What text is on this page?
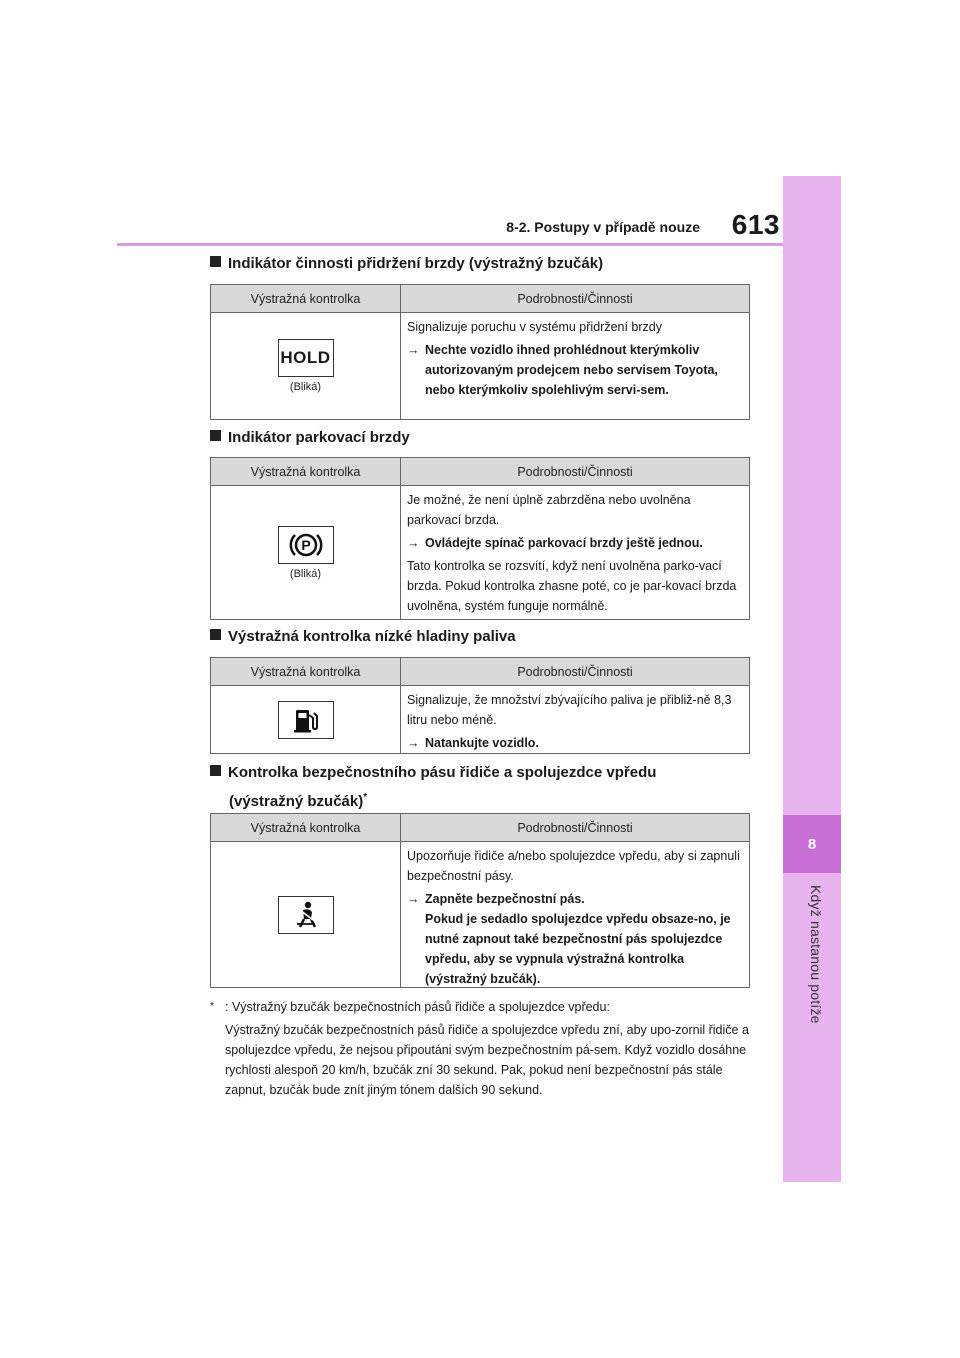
8
Když nastanou potíže
8-2. Postupy v případě nouze	613
Indikátor činnosti přidržení brzdy (výstražný bzučák)
Výstražná kontrolka	Podrobnosti/Činnosti
HOLD
(Bliká)

Signalizuje poruchu v systému přidržení brzdy

→ Nechte vozidlo ihned prohlédnout kterýmkoliv autorizovaným prodejcem nebo servisem Toyota, nebo kterýmkoliv spolehlivým servi-sem.

Indikátor parkovací brzdy
Výstražná kontrolka	Podrobnosti/Činnosti
P
(Bliká)

Je možné, že není úplně zabrzděna nebo uvolněna parkovací brzda.

→ Ovládejte spínač parkovací brzdy ještě jednou.

Tato kontrolka se rozsvítí, když není uvolněna parko-vací brzda. Pokud kontrolka zhasne poté, co je par-kovací brzda uvolněna, systém funguje normálně.

Výstražná kontrolka nízké hladiny paliva
Výstražná kontrolka	Podrobnosti/Činnosti

Signalizuje, že množství zbývajícího paliva je přibliž-ně 8,3 litru nebo méně.

→ Natankujte vozidlo.

Kontrolka bezpečnostního pásu řidiče a spolujezdce vpředu
(výstražný bzučák)*
Výstražná kontrolka	Podrobnosti/Činnosti

Upozorňuje řidiče a/nebo spolujezdce vpředu, aby si zapnuli bezpečnostní pásy.

→ Zapněte bezpečnostní pás.

Pokud je sedadlo spolujezdce vpředu obsaze-no, je nutné zapnout také bezpečnostní pás spolujezdce vpředu, aby se vypnula výstražná kontrolka (výstražný bzučák).

* : Výstražný bzučák bezpečnostních pásů řidiče a spolujezdce vpředu:
Výstražný bzučák bezpečnostních pásů řidiče a spolujezdce vpředu zní, aby upo-zornil řidiče a spolujezdce vpředu, že nejsou připoutáni svým bezpečnostním pá-sem. Když vozidlo dosáhne rychlosti alespoň 20 km/h, bzučák zní 30 sekund. Pak, pokud není bezpečnostní pás stále zapnut, bzučák bude znít jiným tónem dalších 90 sekund.
